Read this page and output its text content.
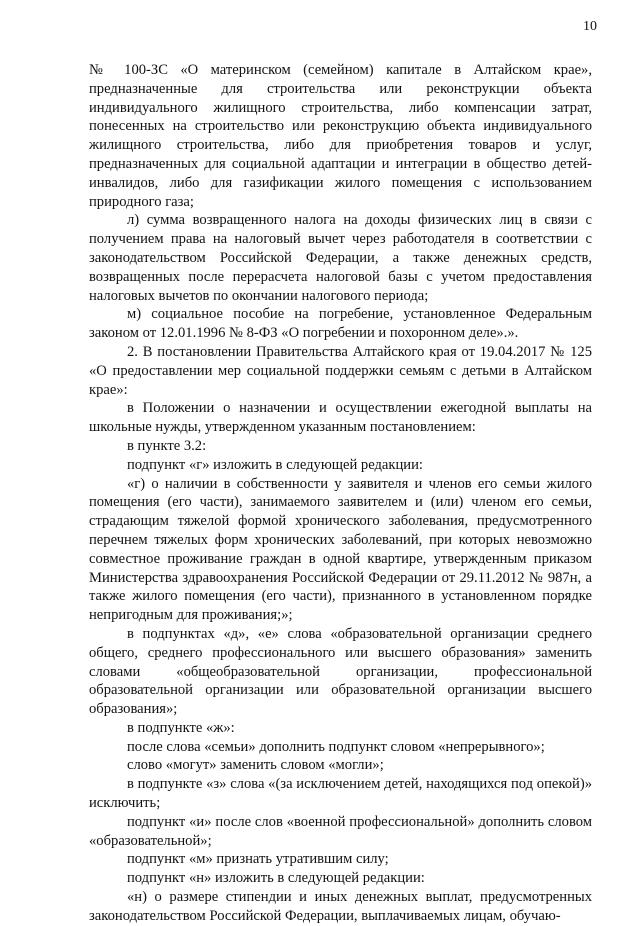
10

№ 100-ЗС «О материнском (семейном) капитале в Алтайском крае», предназначенные для строительства или реконструкции объекта индивидуального жилищного строительства, либо компенсации затрат, понесенных на строительство или реконструкцию объекта индивидуального жилищного строительства, либо для приобретения товаров и услуг, предназначенных для социальной адаптации и интеграции в общество детей-инвалидов, либо для газификации жилого помещения с использованием природного газа;

л) сумма возвращенного налога на доходы физических лиц в связи с получением права на налоговый вычет через работодателя в соответствии с законодательством Российской Федерации, а также денежных средств, возвращенных после перерасчета налоговой базы с учетом предоставления налоговых вычетов по окончании налогового периода;

м) социальное пособие на погребение, установленное Федеральным законом от 12.01.1996 № 8-ФЗ «О погребении и похоронном деле».».

2. В постановлении Правительства Алтайского края от 19.04.2017 № 125 «О предоставлении мер социальной поддержки семьям с детьми в Алтайском крае»:

в Положении о назначении и осуществлении ежегодной выплаты на школьные нужды, утвержденном указанным постановлением:

в пункте 3.2:

подпункт «г» изложить в следующей редакции:

«г) о наличии в собственности у заявителя и членов его семьи жилого помещения (его части), занимаемого заявителем и (или) членом его семьи, страдающим тяжелой формой хронического заболевания, предусмотренного перечнем тяжелых форм хронических заболеваний, при которых невозможно совместное проживание граждан в одной квартире, утвержденным приказом Министерства здравоохранения Российской Федерации от 29.11.2012 № 987н, а также жилого помещения (его части), признанного в установленном порядке непригодным для проживания;»;

в подпунктах «д», «е» слова «образовательной организации среднего общего, среднего профессионального или высшего образования» заменить словами «общеобразовательной организации, профессиональной образовательной организации или образовательной организации высшего образования»;

в подпункте «ж»:

после слова «семьи» дополнить подпункт словом «непрерывного»;

слово «могут» заменить словом «могли»;

в подпункте «з» слова «(за исключением детей, находящихся под опекой)» исключить;

подпункт «и» после слов «военной профессиональной» дополнить словом «образовательной»;

подпункт «м» признать утратившим силу;

подпункт «н» изложить в следующей редакции:

«н) о размере стипендии и иных денежных выплат, предусмотренных законодательством Российской Федерации, выплачиваемых лицам, обучаю-
